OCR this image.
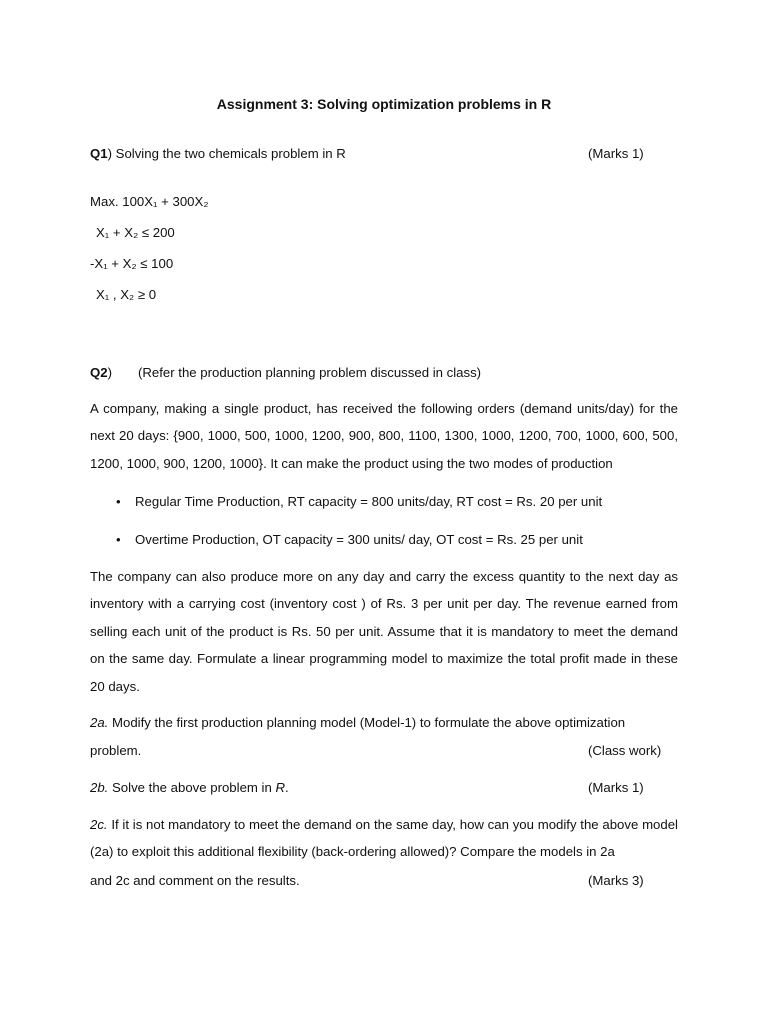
Assignment 3: Solving optimization problems in R
Q1) Solving the two chemicals problem in R	(Marks 1)
Max. 100X₁ + 300X₂
X₁ + X₂ ≤ 200
-X₁ + X₂ ≤ 100
X₁ , X₂ ≥ 0
Q2) (Refer the production planning problem discussed in class)
A company, making a single product, has received the following orders (demand units/day) for the next 20 days: {900, 1000, 500, 1000, 1200, 900, 800, 1100, 1300, 1000, 1200, 700, 1000, 600, 500, 1200, 1000, 900, 1200, 1000}. It can make the product using the two modes of production
• Regular Time Production, RT capacity = 800 units/day, RT cost = Rs. 20 per unit
• Overtime Production, OT capacity = 300 units/ day, OT cost = Rs. 25 per unit
The company can also produce more on any day and carry the excess quantity to the next day as inventory with a carrying cost (inventory cost ) of Rs. 3 per unit per day. The revenue earned from selling each unit of the product is Rs. 50 per unit. Assume that it is mandatory to meet the demand on the same day. Formulate a linear programming model to maximize the total profit made in these 20 days.
2a. Modify the first production planning model (Model-1) to formulate the above optimization
problem.	(Class work)
2b. Solve the above problem in R.	(Marks 1)
2c. If it is not mandatory to meet the demand on the same day, how can you modify the above model (2a) to exploit this additional flexibility (back-ordering allowed)? Compare the models in 2a
and 2c and comment on the results.	(Marks 3)
